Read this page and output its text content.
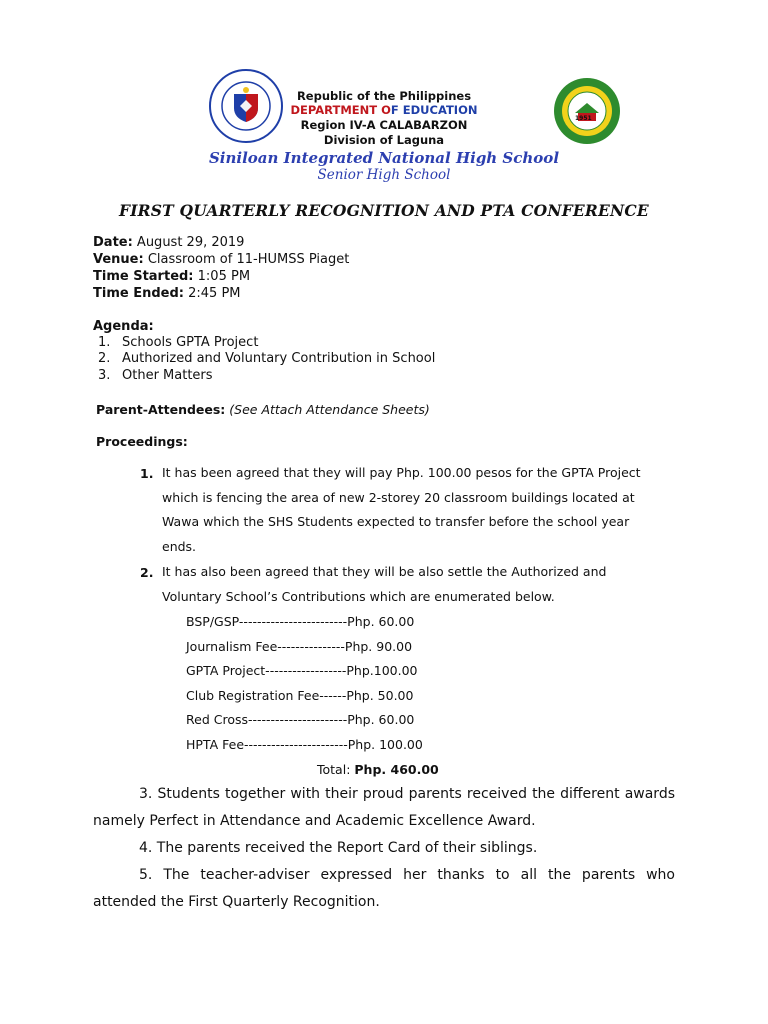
1951
Republic of the Philippines
DEPARTMENT OF EDUCATION
Region IV-A CALABARZON
Division of Laguna
Siniloan Integrated National High School
Senior High School
FIRST QUARTERLY RECOGNITION AND PTA CONFERENCE
Date: August 29, 2019
Venue: Classroom of 11-HUMSS Piaget
Time Started: 1:05 PM
Time Ended: 2:45 PM
Agenda:
1. Schools GPTA Project
2. Authorized and Voluntary Contribution in School
3. Other Matters
Parent-Attendees: (See Attach Attendance Sheets)
Proceedings:
1. It has been agreed that they will pay Php. 100.00 pesos for the GPTA Project
which is fencing the area of new 2-storey 20 classroom buildings located at
Wawa which the SHS Students expected to transfer before the school year
ends.
2. It has also been agreed that they will be also settle the Authorized and
Voluntary School’s Contributions which are enumerated below.
BSP/GSP------------------------Php. 60.00
Journalism Fee---------------Php. 90.00
GPTA Project------------------Php.100.00
Club Registration Fee------Php. 50.00
Red Cross----------------------Php. 60.00
HPTA Fee-----------------------Php. 100.00
Total: Php. 460.00
3. Students together with their proud parents received the different awards namely Perfect in Attendance and Academic Excellence Award.
4. The parents received the Report Card of their siblings.
5. The teacher-adviser expressed her thanks to all the parents who attended the First Quarterly Recognition.
